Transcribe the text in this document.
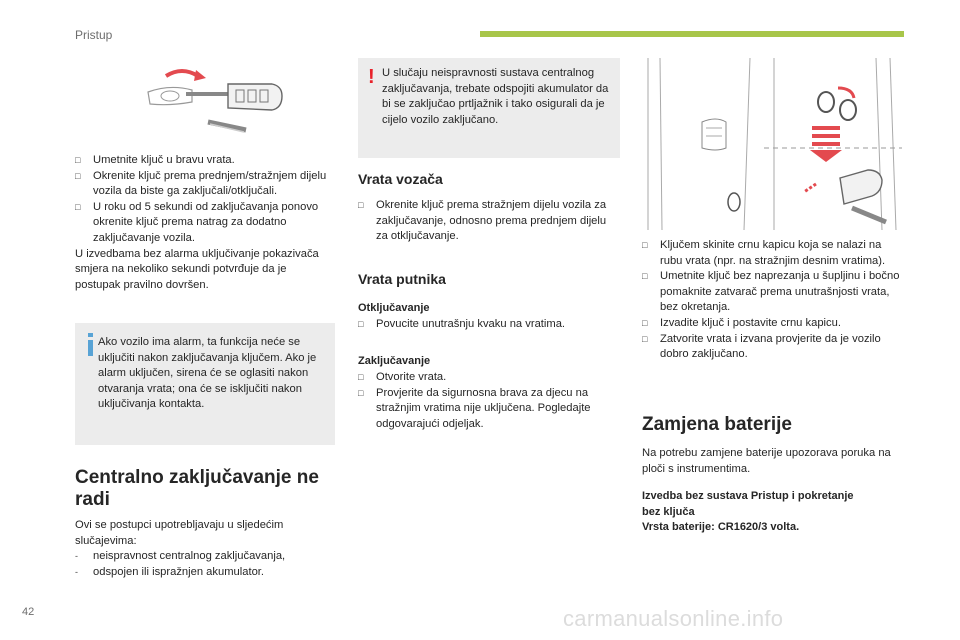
Pristup
42	carmanualsonline.info
□ Umetnite ključ u bravu vrata.
□ Okrenite ključ prema prednjem/stražnjem dijelu vozila da biste ga zaključali/otključali.
□ U roku od 5 sekundi od zaključavanja ponovo okrenite ključ prema natrag za dodatno zaključavanje vozila.

U izvedbama bez alarma uključivanje pokazivača smjera na nekoliko sekundi potvrđuje da je postupak pravilno dovršen.

Ako vozilo ima alarm, ta funkcija neće se uključiti nakon zaključavanja ključem. Ako je alarm uključen, sirena će se oglasiti nakon otvaranja vrata; ona će se isključiti nakon uključivanja kontakta.
Centralno zaključavanje ne radi

Ovi se postupci upotrebljavaju u sljedećim slučajevima:

- neispravnost centralnog zaključavanja,
- odspojen ili ispražnjen akumulator.
! U slučaju neispravnosti sustava centralnog zaključavanja, trebate odspojiti akumulator da bi se zaključao prtljažnik i tako osigurali da je cijelo vozilo zaključano.
Vrata vozača
□ Okrenite ključ prema stražnjem dijelu vozila za zaključavanje, odnosno prema prednjem dijelu za otključavanje.
Vrata putnika
Otključavanje
□ Povucite unutrašnju kvaku na vratima.
Zaključavanje
□ Otvorite vrata.
□ Provjerite da sigurnosna brava za djecu na stražnjim vratima nije uključena. Pogledajte odgovarajući odjeljak.
□ Ključem skinite crnu kapicu koja se nalazi na rubu vrata (npr. na stražnjim desnim vratima).
□ Umetnite ključ bez naprezanja u šupljinu i bočno pomaknite zatvarač prema unutrašnjosti vrata, bez okretanja.
□ Izvadite ključ i postavite crnu kapicu.
□ Zatvorite vrata i izvana provjerite da je vozilo dobro zaključano.
Zamjena baterije
Na potrebu zamjene baterije upozorava poruka na ploči s instrumentima.
Izvedba bez sustava Pristup i pokretanje
bez ključa
Vrsta baterije: CR1620/3 volta.
